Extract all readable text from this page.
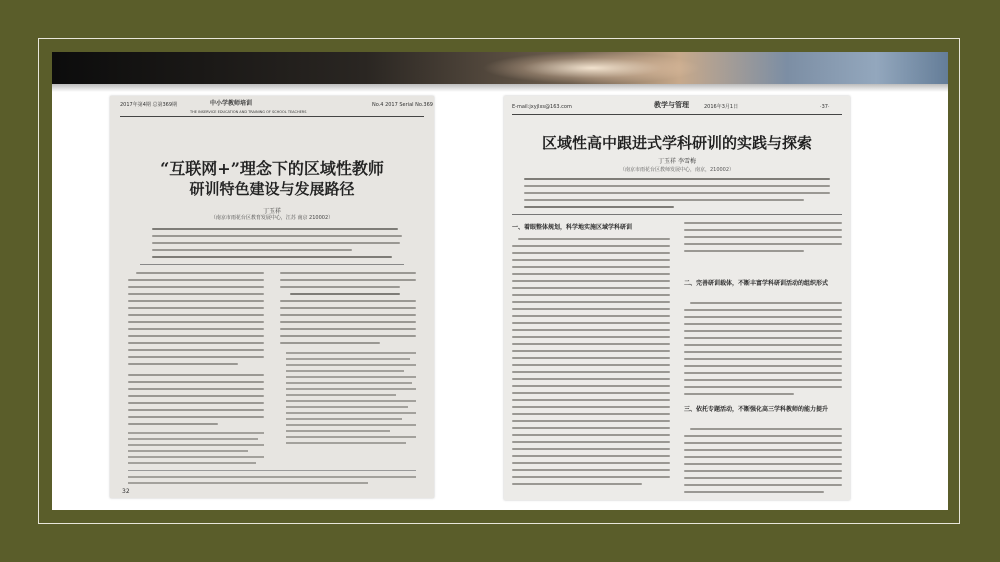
2017年第4期 总第369期	中小学教师培训
THE INSERVICE EDUCATION AND TRAINING OF SCHOOL TEACHERS
No.4 2017 Serial No.369
“互联网+”理念下的区域性教师
研训特色建设与发展路径
丁玉祥
（南京市雨花台区教育发展中心，江苏 南京 210002）
32
E-mail:jxyjlxs@163.com	教学与管理	2016年3月1日	·37·
区域性高中跟进式学科研训的实践与探索
丁玉祥 李雪梅
（南京市雨花台区教师发展中心，南京，210002）
一、着眼整体规划，科学地实施区域学科研训
二、完善研训载体，不断丰富学科研训活动的组织形式
三、依托专题活动，不断强化高三学科教师的能力提升
